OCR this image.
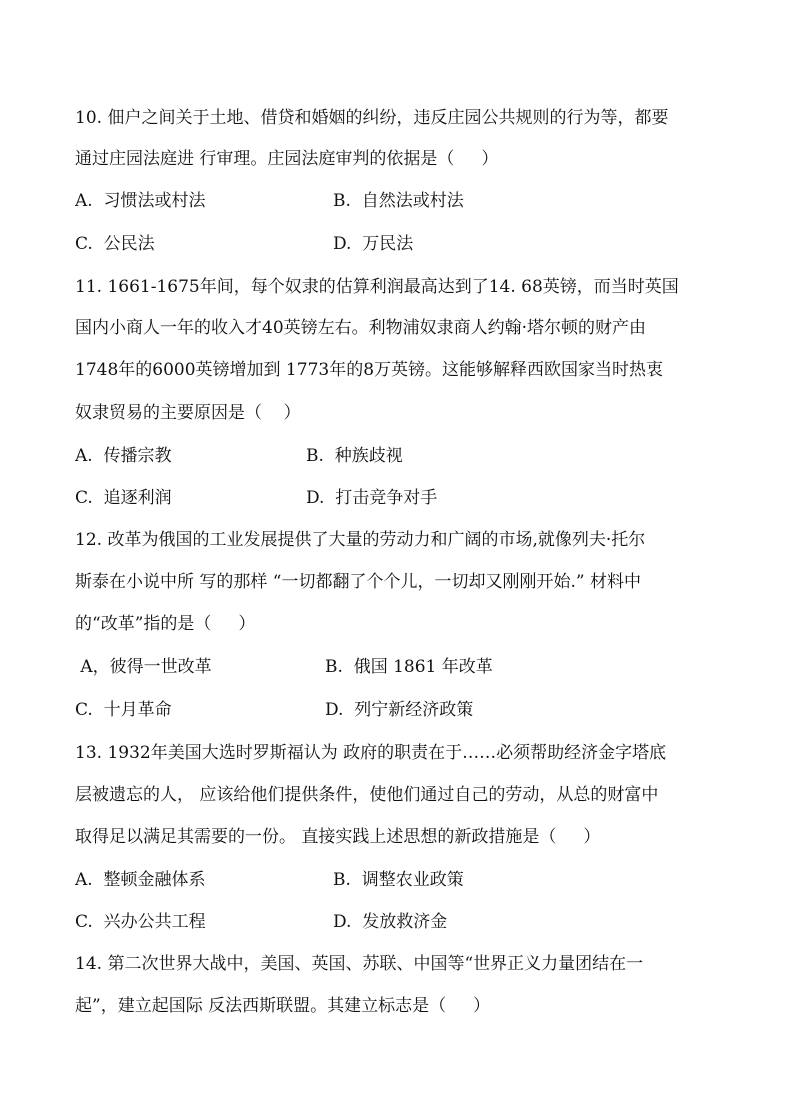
10. 佃户之间关于土地、借贷和婚姻的纠纷，违反庄园公共规则的行为等，都要
通过庄园法庭进 行审理。庄园法庭审判的依据是（     ）
A.  习惯法或村法	B.  自然法或村法
C.  公民法	D.  万民法
11. 1661-1675年间，每个奴隶的估算利润最高达到了14. 68英镑，而当时英国
国内小商人一年的收入才40英镑左右。利物浦奴隶商人约翰·塔尔顿的财产由
1748年的6000英镑增加到 1773年的8万英镑。这能够解释西欧国家当时热衷
奴隶贸易的主要原因是（    ）
A.  传播宗教	B.  种族歧视
C.  追逐利润	D.  打击竞争对手
12. 改革为俄国的工业发展提供了大量的劳动力和广阔的市场,就像列夫·托尔
斯泰在小说中所 写的那样 “一切都翻了个个儿，一切却又刚刚开始.” 材料中
的“改革”指的是（     ）
A，彼得一世改革	B.  俄国 1861 年改革
C.  十月革命	D.  列宁新经济政策
13. 1932年美国大选时罗斯福认为 政府的职责在于……必须帮助经济金字塔底
层被遗忘的人， 应该给他们提供条件，使他们通过自己的劳动，从总的财富中
取得足以满足其需要的一份。 直接实践上述思想的新政措施是（     ）
A.  整顿金融体系	B.  调整农业政策
C.  兴办公共工程	D.  发放救济金
14. 第二次世界大战中，美国、英国、苏联、中国等“世界正义力量团结在一
起”，建立起国际 反法西斯联盟。其建立标志是（     ）
